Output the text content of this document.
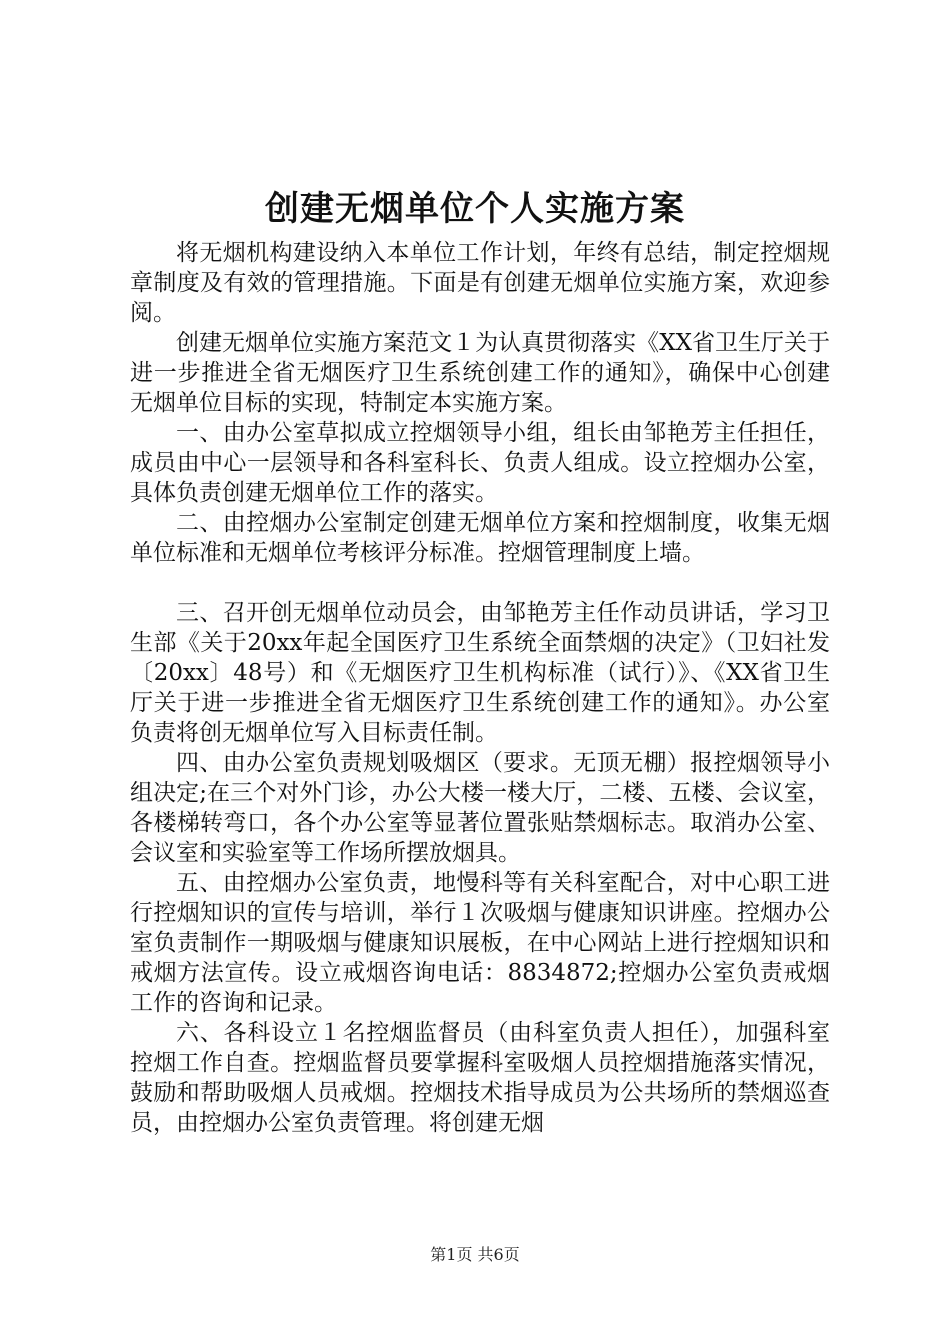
创建无烟单位个人实施方案

将无烟机构建设纳入本单位工作计划，年终有总结，制定控烟规章制度及有效的管理措施。下面是有创建无烟单位实施方案，欢迎参阅。

创建无烟单位实施方案范文１为认真贯彻落实《XX省卫生厅关于进一步推进全省无烟医疗卫生系统创建工作的通知》，确保中心创建无烟单位目标的实现，特制定本实施方案。

一、由办公室草拟成立控烟领导小组，组长由邹艳芳主任担任，成员由中心一层领导和各科室科长、负责人组成。设立控烟办公室，具体负责创建无烟单位工作的落实。

二、由控烟办公室制定创建无烟单位方案和控烟制度，收集无烟单位标准和无烟单位考核评分标准。控烟管理制度上墙。

三、召开创无烟单位动员会，由邹艳芳主任作动员讲话，学习卫生部《关于20xx年起全国医疗卫生系统全面禁烟的决定》（卫妇社发〔20xx〕48号）和《无烟医疗卫生机构标准（试行）》、《XX省卫生厅关于进一步推进全省无烟医疗卫生系统创建工作的通知》。办公室负责将创无烟单位写入目标责任制。

四、由办公室负责规划吸烟区（要求。无顶无棚）报控烟领导小组决定;在三个对外门诊，办公大楼一楼大厅，二楼、五楼、会议室，各楼梯转弯口，各个办公室等显著位置张贴禁烟标志。取消办公室、会议室和实验室等工作场所摆放烟具。

五、由控烟办公室负责，地慢科等有关科室配合，对中心职工进行控烟知识的宣传与培训，举行１次吸烟与健康知识讲座。控烟办公室负责制作一期吸烟与健康知识展板，在中心网站上进行控烟知识和戒烟方法宣传。设立戒烟咨询电话：8834872;控烟办公室负责戒烟工作的咨询和记录。

六、各科设立１名控烟监督员（由科室负责人担任），加强科室控烟工作自查。控烟监督员要掌握科室吸烟人员控烟措施落实情况，鼓励和帮助吸烟人员戒烟。控烟技术指导成员为公共场所的禁烟巡查员，由控烟办公室负责管理。将创建无烟

第1页 共6页
